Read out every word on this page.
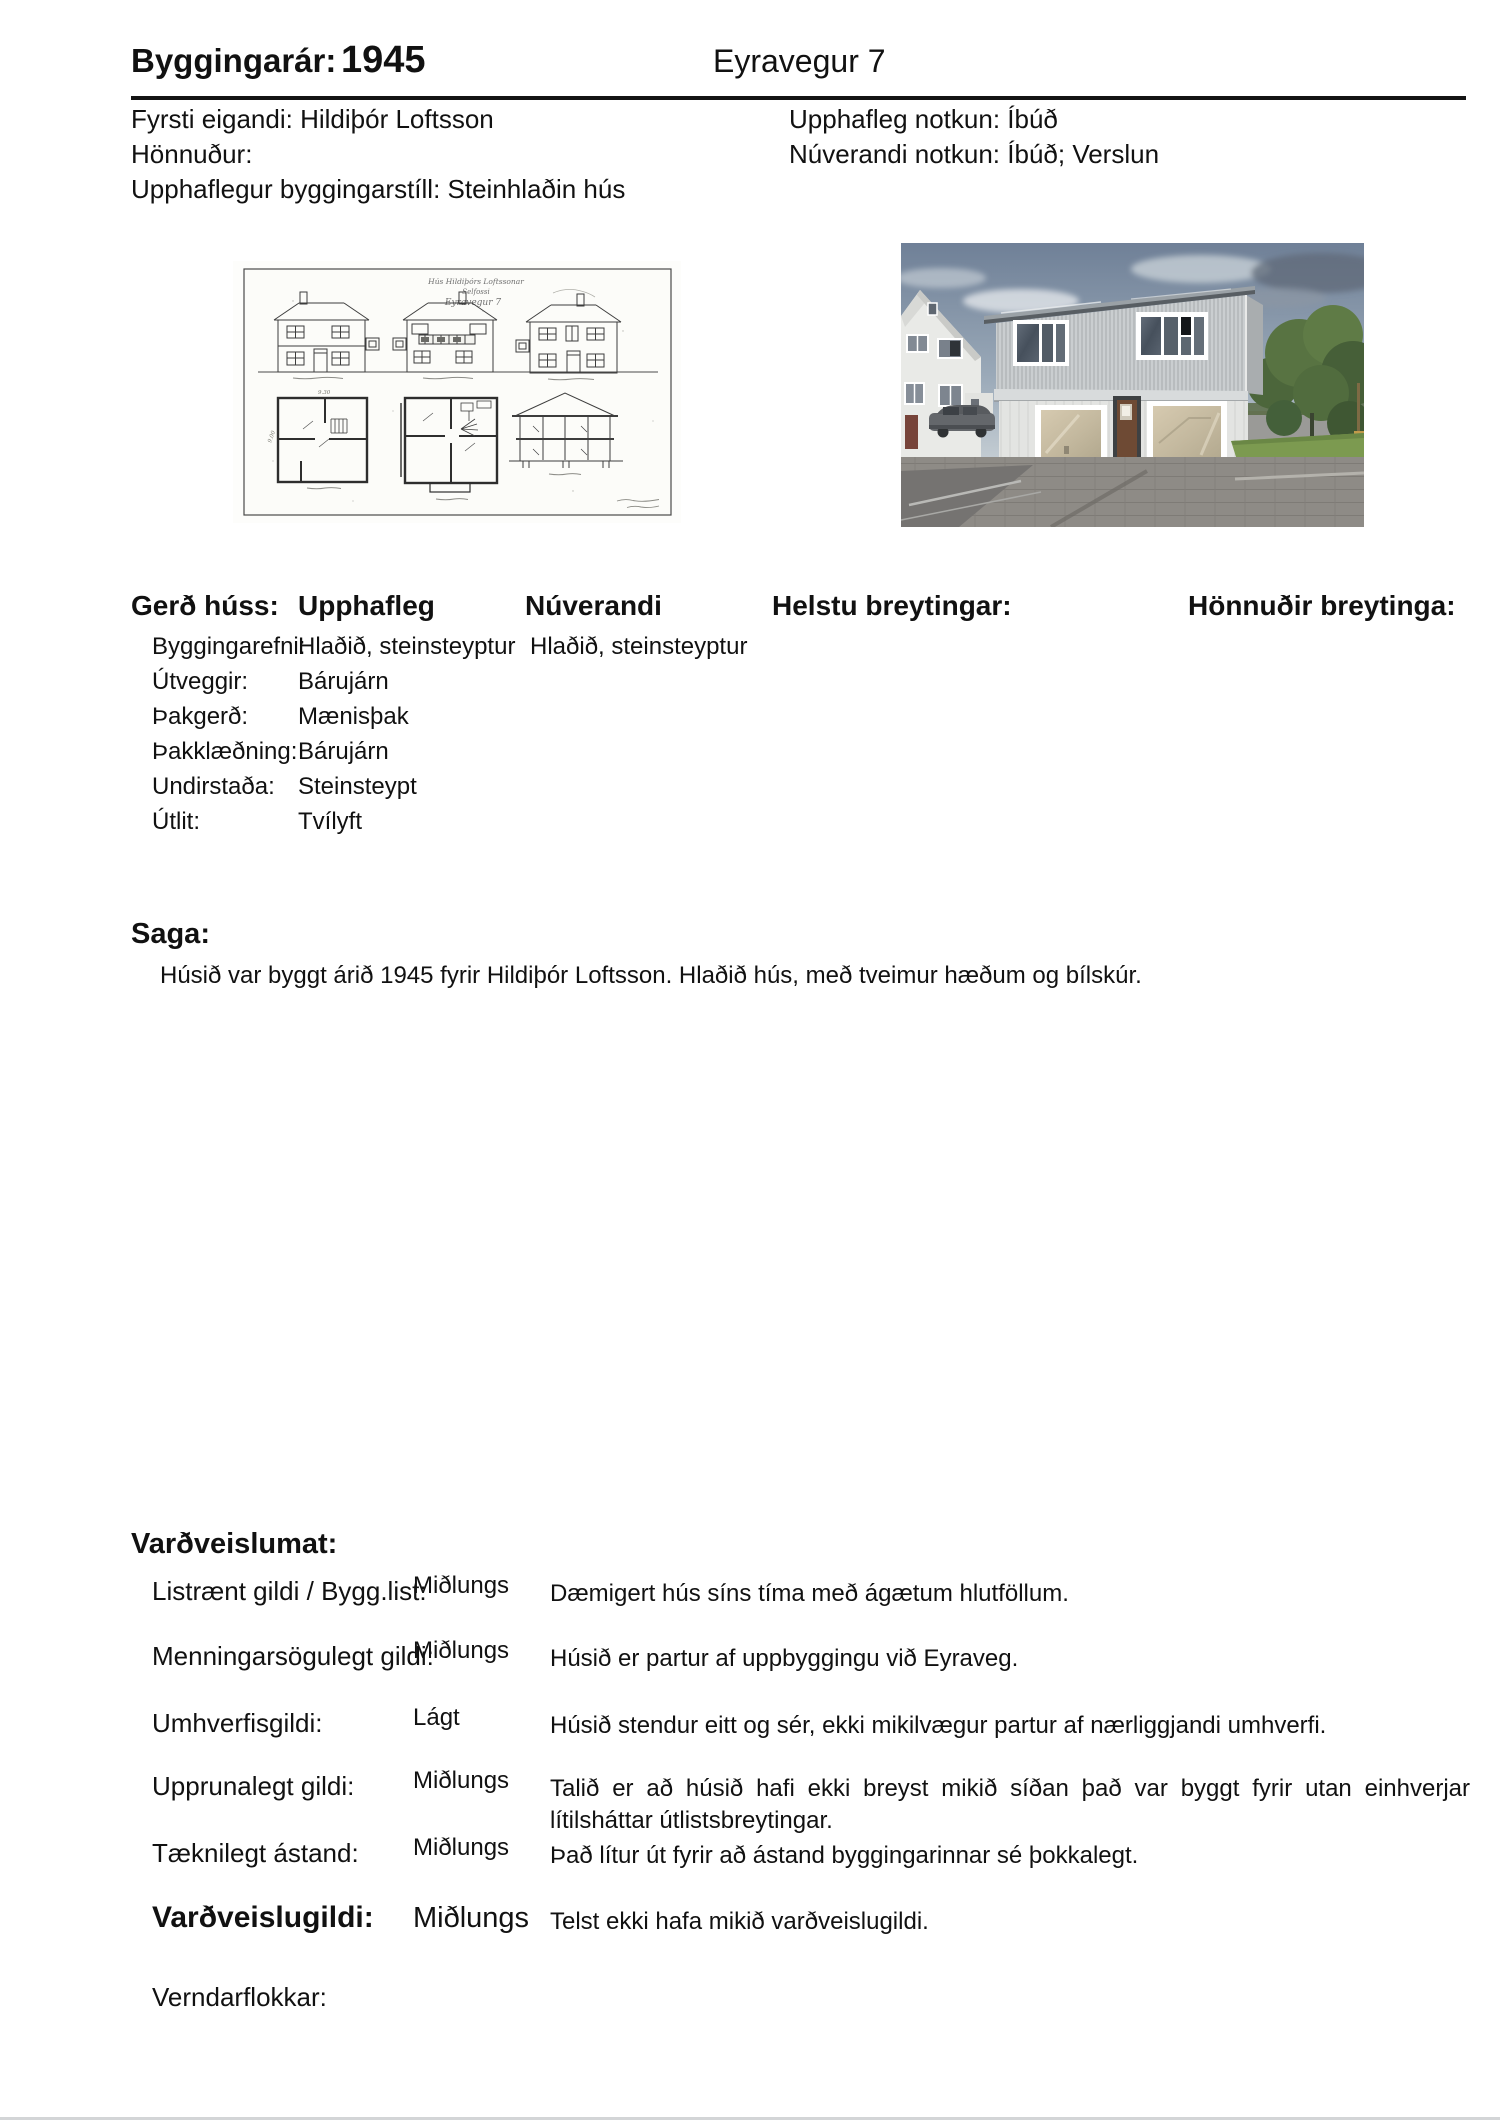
Byggingarár: 1945	Eyravegur 7
Fyrsti eigandi: Hildiþór Loftsson
Hönnuður:
Upphaflegur byggingarstíll: Steinhlaðin hús
Upphafleg notkun: Íbúð
Núverandi notkun: Íbúð; Verslun
Hús Hildiþórs Loftssonar
Selfossi
Eyravegur 7
9.30
9.00
Gerð húss: Upphafleg	Núverandi	Helstu breytingar:	Hönnuðir breytinga:
Byggingarefni:
Hlaðið, steinsteyptur Hlaðið, steinsteyptur
Útveggir: Bárujárn
Þakgerð: Mænisþak
Þakklæðning: Bárujárn
Undirstaða: Steinsteypt
Útlit:	Tvílyft
Saga:
Húsið var byggt árið 1945 fyrir Hildiþór Loftsson. Hlaðið hús, með tveimur hæðum og bílskúr.
Varðveislumat:
Listrænt gildi / Bygg.list:
Miðlungs Dæmigert hús síns tíma með ágætum hlutföllum.
Menningarsögulegt gildi:
Miðlungs Húsið er partur af uppbyggingu við Eyraveg.
Umhverfisgildi:	Lágt	Húsið stendur eitt og sér, ekki mikilvægur partur af nærliggjandi umhverfi.
Upprunalegt gildi: Miðlungs Talið er að húsið hafi ekki breyst mikið síðan það var byggt fyrir utan einhverjar lítilsháttar útlistsbreytingar.
Tæknilegt ástand: Miðlungs Það lítur út fyrir að ástand byggingarinnar sé þokkalegt.
Varðveislugildi: Miðlungs Telst ekki hafa mikið varðveislugildi.
Verndarflokkar:
